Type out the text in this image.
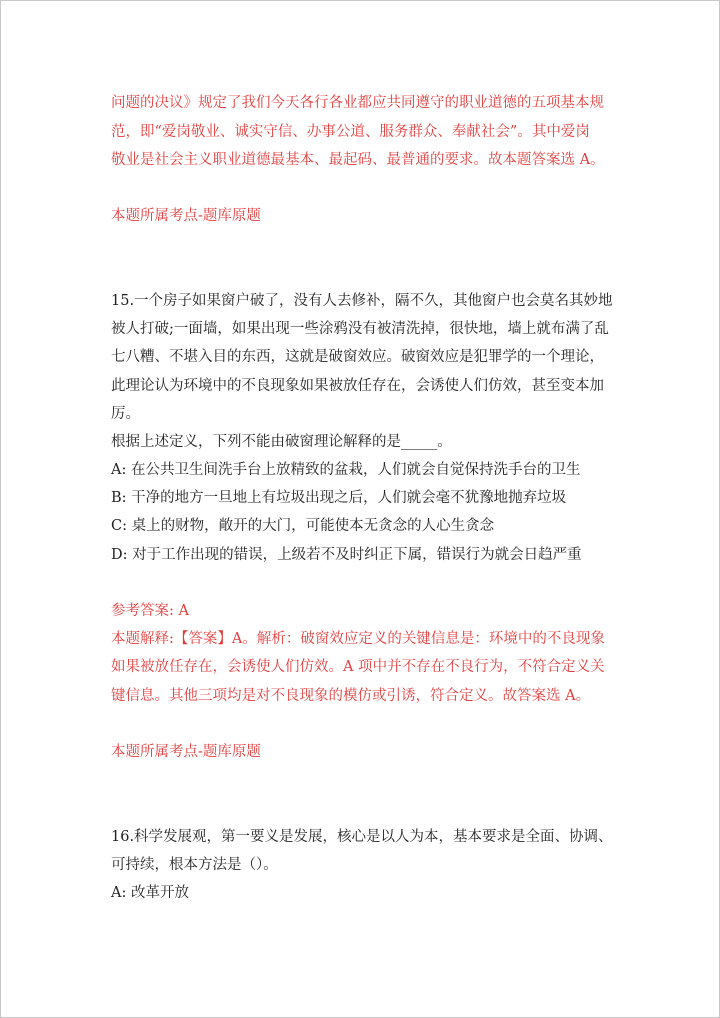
问题的决议》规定了我们今天各行各业都应共同遵守的职业道德的五项基本规
范，即“爱岗敬业、诚实守信、办事公道、服务群众、奉献社会”。其中爱岗
敬业是社会主义职业道德最基本、最起码、最普通的要求。故本题答案选 A。
本题所属考点-题库原题
15.一个房子如果窗户破了，没有人去修补，隔不久，其他窗户也会莫名其妙地
被人打破;一面墙，如果出现一些涂鸦没有被清洗掉，很快地，墙上就布满了乱
七八糟、不堪入目的东西，这就是破窗效应。破窗效应是犯罪学的一个理论，
此理论认为环境中的不良现象如果被放任存在，会诱使人们仿效，甚至变本加
厉。
根据上述定义，下列不能由破窗理论解释的是_____。
A: 在公共卫生间洗手台上放精致的盆栽，人们就会自觉保持洗手台的卫生
B: 干净的地方一旦地上有垃圾出现之后，人们就会毫不犹豫地抛弃垃圾
C: 桌上的财物，敞开的大门，可能使本无贪念的人心生贪念
D: 对于工作出现的错误，上级若不及时纠正下属，错误行为就会日趋严重
参考答案: A
本题解释:【答案】A。解析：破窗效应定义的关键信息是：环境中的不良现象
如果被放任存在，会诱使人们仿效。A 项中并不存在不良行为，不符合定义关
键信息。其他三项均是对不良现象的模仿或引诱，符合定义。故答案选 A。
本题所属考点-题库原题
16.科学发展观，第一要义是发展，核心是以人为本，基本要求是全面、协调、
可持续，根本方法是（）。
A: 改革开放
